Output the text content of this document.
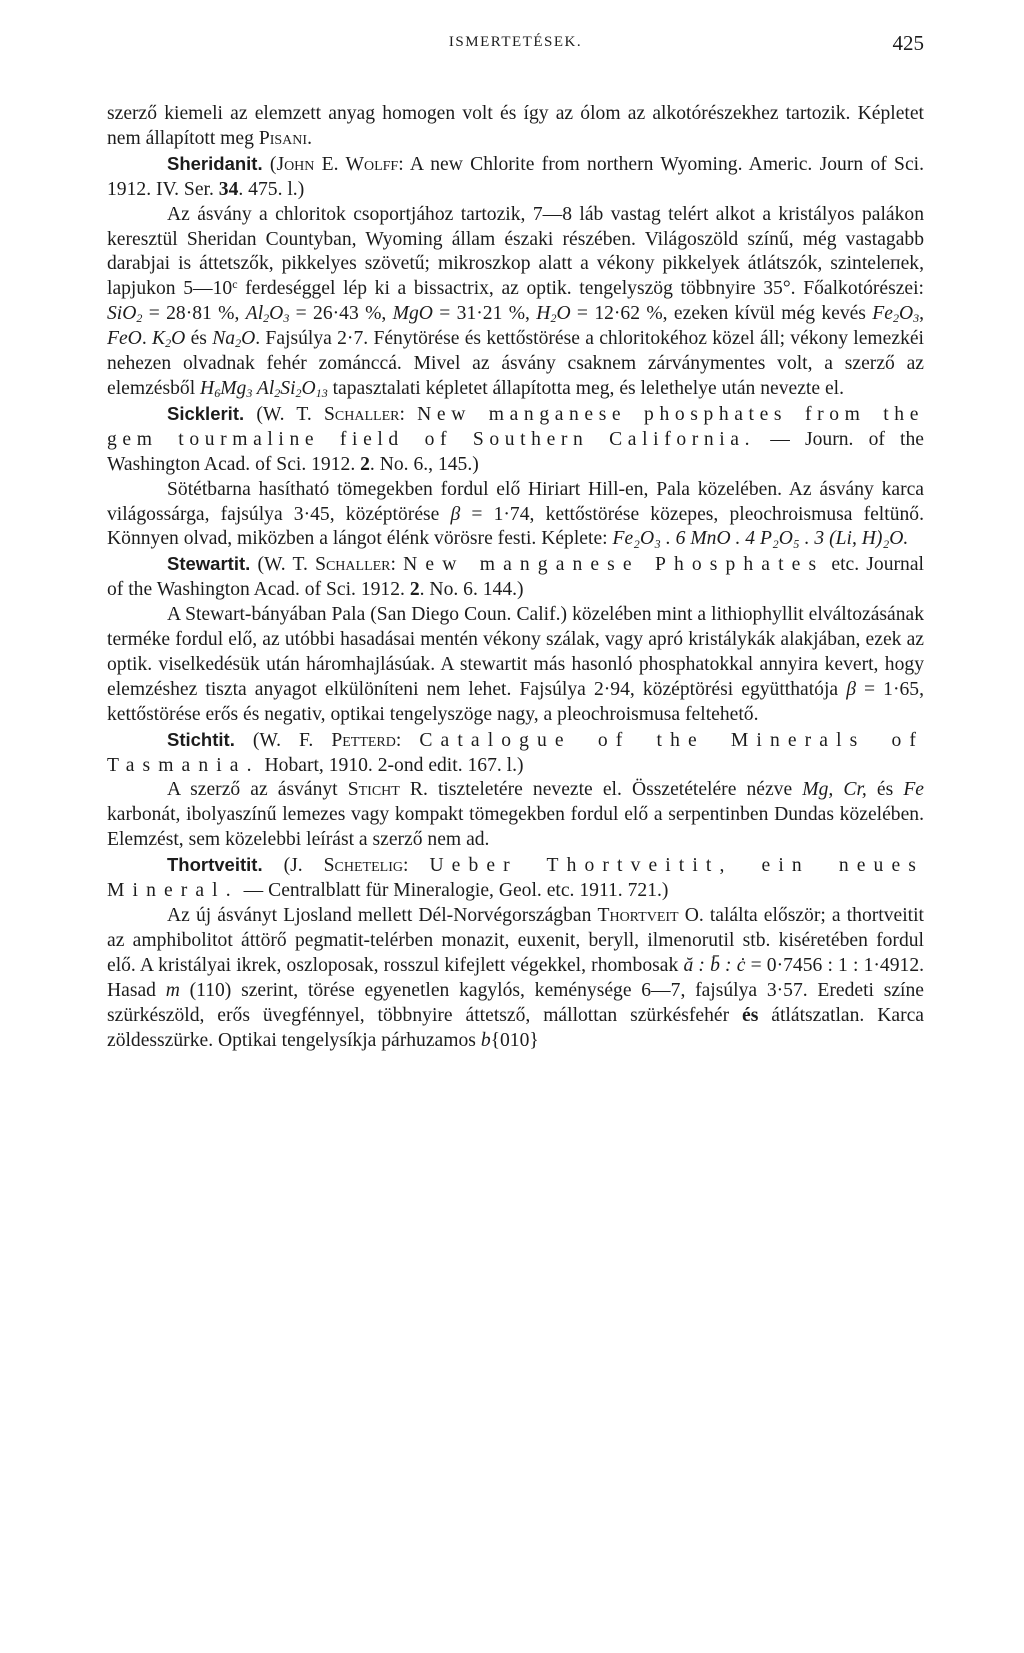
ISMERTETÉSEK.	425

szerző kiemeli az elemzett anyag homogen volt és így az ólom az alkotórészekhez tartozik. Képletet nem állapított meg Pisani.

Sheridanit. (John E. Wolff: A new Chlorite from northern Wyoming. Americ. Journ of Sci. 1912. IV. Ser. 34. 475. l.)

Az ásvány a chloritok csoportjához tartozik, 7—8 láb vastag telért alkot a kristályos palákon keresztül Sheridan Countyban, Wyoming állam északi részében. Világoszöld színű, még vastagabb darabjai is áttetszők, pikkelyes szövetű; mikroszkop alatt a vékony pikkelyek átlátszók, szinteleпek, lapjukon 5—10$^c$ ferdeséggel lép ki a bissactrix, az optik. tengelyszög többnyire 35°. Főalkotórészei: SiO$_2$ = 28·81 %, $Al_2O_3 = 26\cdot 43$ %, MgO = 31·21 %, $H_2O = 12\cdot 62$ %, ezeken kívül még kevés $Fe_2O_3$, FeO. $K_2O$ és $Na_2O$. Fajsúlya 2·7. Fénytörése és kettőstörése a chloritokéhoz közel áll; vékony lemezkéi nehezen olvadnak fehér zománccá. Mivel az ásvány csaknem zárványmentes volt, a szerző az elemzésből $H_6Mg_3$ $Al_2Si_2O_{13}$ tapasztalati képletet állapította meg, és lelethelye után nevezte el.

Sicklerit. (W. T. Schaller: New manganese phosphates from the gem tourmaline field of Southern California. — Journ. of the Washington Acad. of Sci. 1912. 2. No. 6., 145.)

Sötétbarna hasítható tömegekben fordul elő Hiriart Hill-en, Pala közelében. Az ásvány karca világossárga, fajsúlya 3·45, középtörése β = 1·74, kettőstörése közepes, pleochroismusa feltünő. Könnyen olvad, miközben a lángot élénk vörösre festi. Képlete: Fe₂O₃ . 6 MnO . 4 P₂O₅ . 3 (Li, H)₂O.

Stewartit. (W. T. Schaller: New manganese Phosphates etc. Journal of the Washington Acad. of Sci. 1912. 2. No. 6. 144.)

A Stewart-bányában Pala (San Diego Coun. Calif.) közelében mint a lithiophyllit elváltozásának terméke fordul elő, az utóbbi hasadásai mentén vékony szálak, vagy apró kristálykák alakjában, ezek az optik. viselkedésük után háromhajlásúak. A stewartit más hasonló phosphatokkal annyira kevert, hogy elemzéshez tiszta anyagot elkülöníteni nem lehet. Fajsúlya 2·94, középtörési együtthatója β = 1·65, kettőstörése erős és negativ, optikai tengelyszöge nagy, a pleochroismusa feltehető.

Stichtit. (W. F. Petterd: Catalogue of the Minerals of Tasmania. Hobart, 1910. 2-ond edit. 167. l.)

A szerző az ásványt Sticht R. tiszteletére nevezte el. Összetételére nézve Mg, Cr, és Fe karbonát, ibolyaszínű lemezes vagy kompakt tömegekben fordul elő a serpentinben Dundas közelében. Elemzést, sem közelebbi leírást a szerző nem ad.

Thortveitit. (J. Schetelig: Ueber Thortveitit, ein neues Mineral. — Centralblatt für Mineralogie, Geol. etc. 1911. 721.)

Az új ásványt Ljosland mellett Dél-Norvégországban Thortveit O. találta először; a thortveitit az amphibolitot áttörő pegmatit-telérben monazit, euxenit, beryll, ilmenorutil stb. kiséretében fordul elő. A kristályai ikrek, oszloposak, rosszul kifejlett végekkel, rhombosak ă : b̄ : ċ = 0·7456 : 1 : 1·4912. Hasad m (110) szerint, törése egyenetlen kagylós, keménysége 6—7, fajsúlya 3·57. Eredeti színe szürkészöld, erős üvegfénnyel, többnyire áttetsző, mállottan szürkésfehér és átlátszatlan. Karca zöldesszürke. Optikai tengelysíkja párhuzamos b{010}
